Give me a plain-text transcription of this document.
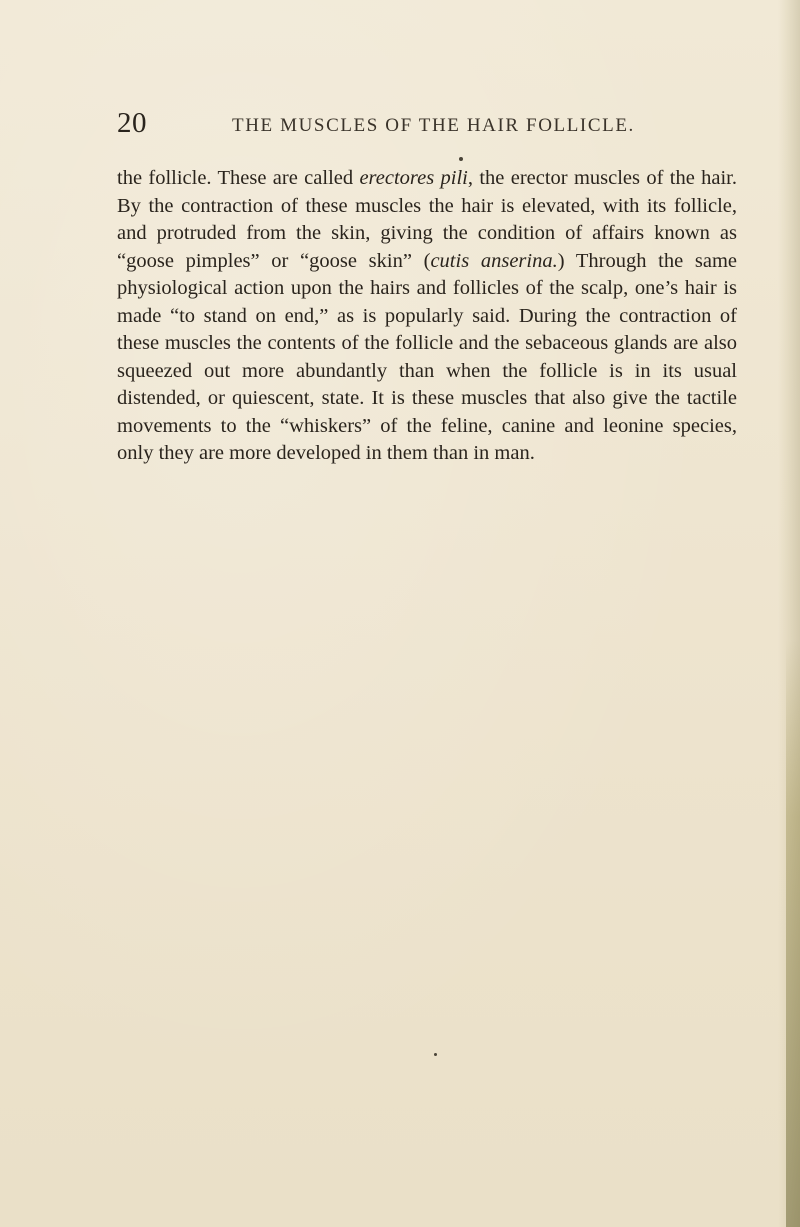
20	THE MUSCLES OF THE HAIR FOLLICLE.

the follicle. These are called erectores pili, the erector muscles of the hair. By the contraction of these muscles the hair is elevated, with its follicle, and protruded from the skin, giving the condition of affairs known as “goose pimples” or “goose skin” (cutis anserina.) Through the same physiological action upon the hairs and follicles of the scalp, one’s hair is made “to stand on end,” as is popularly said. During the contraction of these muscles the contents of the follicle and the sebaceous glands are also squeezed out more abundantly than when the follicle is in its usual distended, or quiescent, state. It is these muscles that also give the tactile movements to the “whiskers” of the feline, canine and leonine species, only they are more developed in them than in man.
